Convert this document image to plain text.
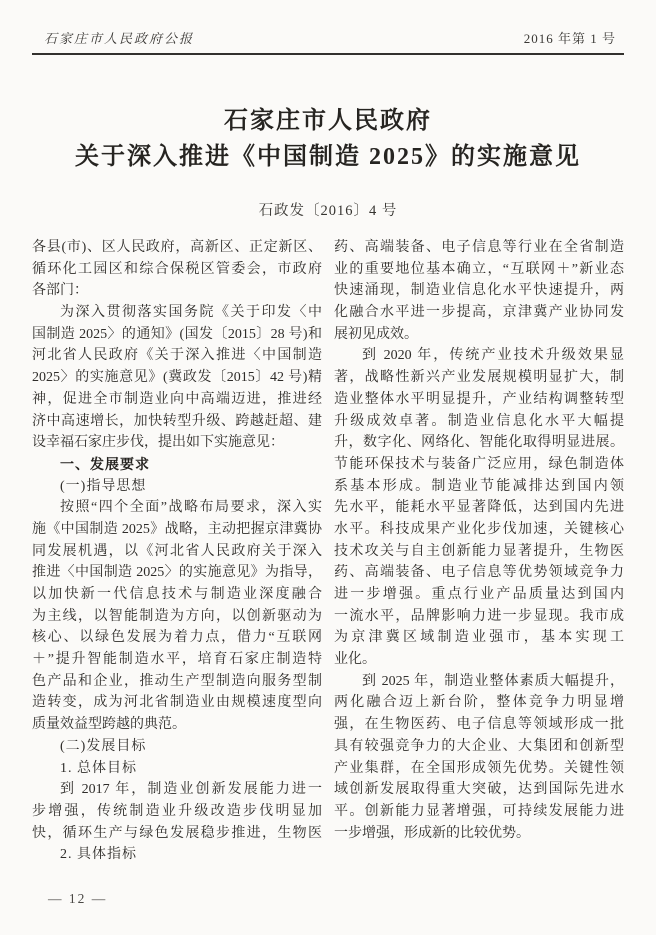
石家庄市人民政府公报	2016 年第 1 号
石家庄市人民政府
关于深入推进《中国制造 2025》的实施意见
石政发〔2016〕4 号
各县(市)、区人民政府，高新区、正定新区、
循环化工园区和综合保税区管委会，市政府
各部门：
为深入贯彻落实国务院《关于印发〈中
国制造 2025〉的通知》(国发〔2015〕28 号)和
河北省人民政府《关于深入推进〈中国制造
2025〉的实施意见》(冀政发〔2015〕42 号)精
神，促进全市制造业向中高端迈进，推进经
济中高速增长，加快转型升级、跨越赶超、建
设幸福石家庄步伐，提出如下实施意见：
一、发展要求
(一)指导思想
按照“四个全面”战略布局要求，深入实
施《中国制造 2025》战略，主动把握京津冀协
同发展机遇，以《河北省人民政府关于深入
推进〈中国制造 2025〉的实施意见》为指导，
以加快新一代信息技术与制造业深度融合
为主线，以智能制造为方向，以创新驱动为
核心、以绿色发展为着力点，借力“互联网
＋”提升智能制造水平，培育石家庄制造特
色产品和企业，推动生产型制造向服务型制
造转变，成为河北省制造业由规模速度型向
质量效益型跨越的典范。
(二)发展目标
1. 总体目标
到 2017 年，制造业创新发展能力进一
步增强，传统制造业升级改造步伐明显加
快，循环生产与绿色发展稳步推进，生物医
2. 具体指标
药、高端装备、电子信息等行业在全省制造
业的重要地位基本确立，“互联网＋”新业态
快速涌现，制造业信息化水平快速提升，两
化融合水平进一步提高，京津冀产业协同发
展初见成效。
到 2020 年，传统产业技术升级效果显
著，战略性新兴产业发展规模明显扩大，制
造业整体水平明显提升，产业结构调整转型
升级成效卓著。制造业信息化水平大幅提
升，数字化、网络化、智能化取得明显进展。
节能环保技术与装备广泛应用，绿色制造体
系基本形成。制造业节能减排达到国内领
先水平，能耗水平显著降低，达到国内先进
水平。科技成果产业化步伐加速，关键核心
技术攻关与自主创新能力显著提升，生物医
药、高端装备、电子信息等优势领域竞争力
进一步增强。重点行业产品质量达到国内
一流水平，品牌影响力进一步显现。我市成
为京津冀区域制造业强市，基本实现工
业化。
到 2025 年，制造业整体素质大幅提升，
两化融合迈上新台阶，整体竞争力明显增
强，在生物医药、电子信息等领域形成一批
具有较强竞争力的大企业、大集团和创新型
产业集群，在全国形成领先优势。关键性领
域创新发展取得重大突破，达到国际先进水
平。创新能力显著增强，可持续发展能力进
一步增强，形成新的比较优势。
— 12 —
